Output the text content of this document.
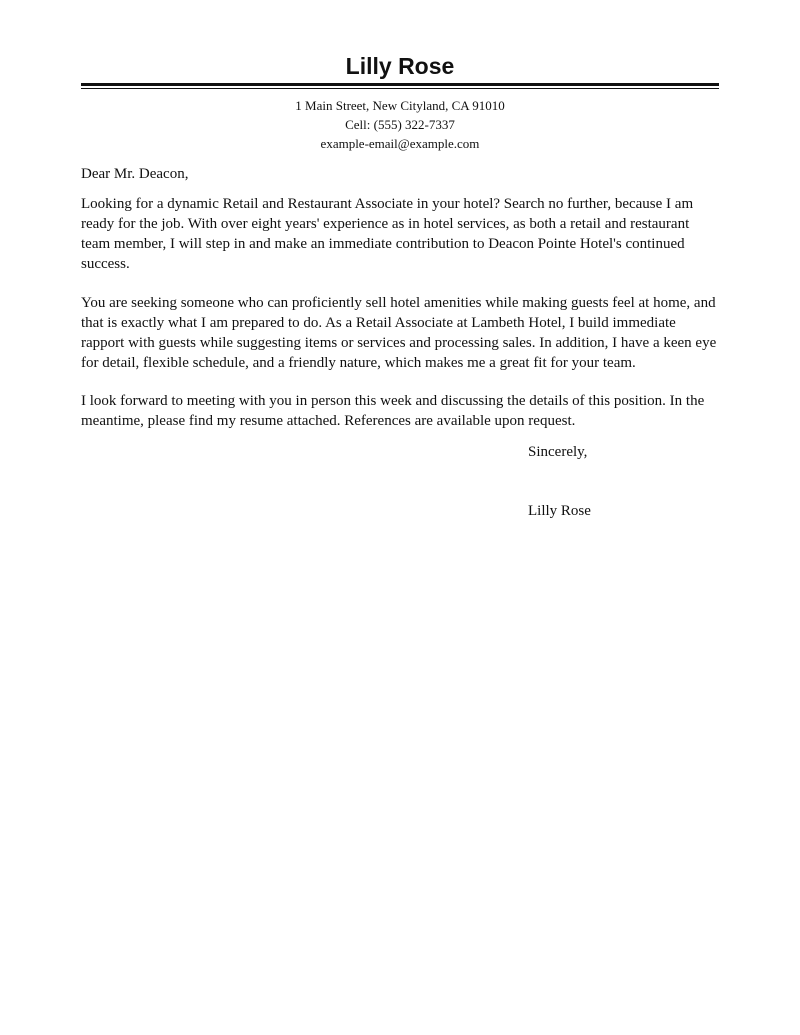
Lilly Rose
1 Main Street, New Cityland, CA 91010
Cell: (555) 322-7337
example-email@example.com
Dear Mr. Deacon,
Looking for a dynamic Retail and Restaurant Associate in your hotel? Search no further, because I am ready for the job. With over eight years' experience as in hotel services, as both a retail and restaurant team member, I will step in and make an immediate contribution to Deacon Pointe Hotel's continued success.
You are seeking someone who can proficiently sell hotel amenities while making guests feel at home, and that is exactly what I am prepared to do. As a Retail Associate at Lambeth Hotel, I build immediate rapport with guests while suggesting items or services and processing sales. In addition, I have a keen eye for detail, flexible schedule, and a friendly nature, which makes me a great fit for your team.
I look forward to meeting with you in person this week and discussing the details of this position. In the meantime, please find my resume attached. References are available upon request.
Sincerely,
Lilly Rose
